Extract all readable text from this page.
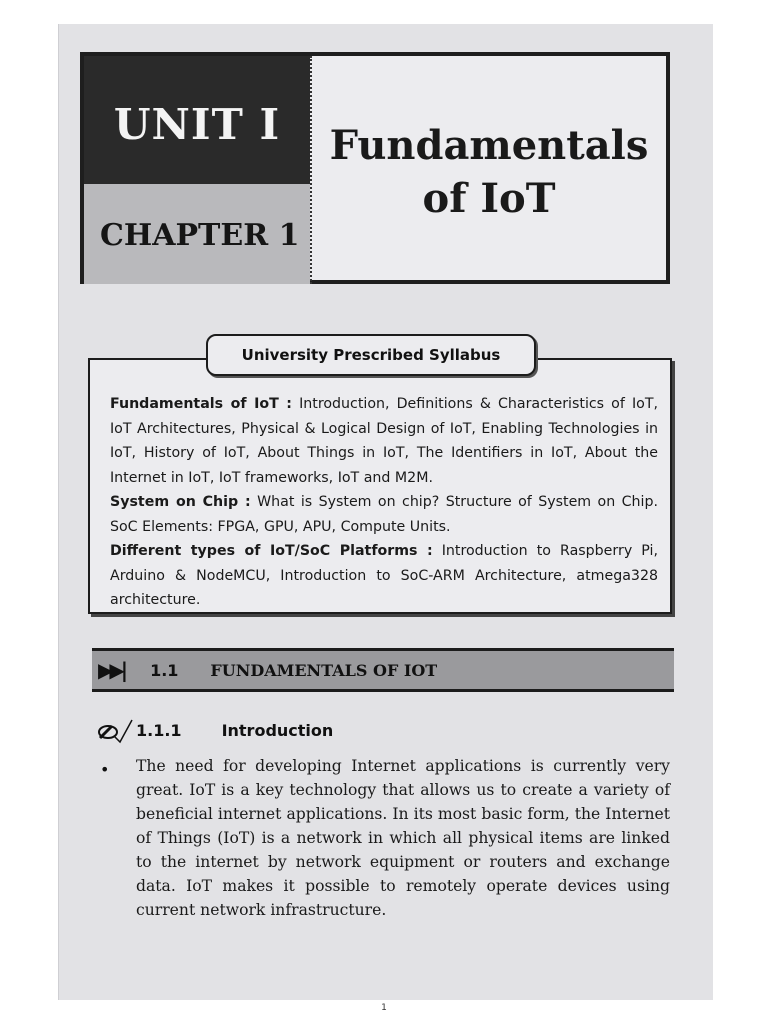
UNIT I
CHAPTER 1
Fundamentals
of IoT
University Prescribed Syllabus

Fundamentals of IoT : Introduction, Definitions & Characteristics of IoT, IoT Architectures, Physical & Logical Design of IoT, Enabling Technologies in IoT, History of IoT, About Things in IoT, The Identifiers in IoT, About the Internet in IoT, IoT frameworks, IoT and M2M.

System on Chip : What is System on chip? Structure of System on Chip. SoC Elements: FPGA, GPU, APU, Compute Units.

Different types of IoT/SoC Platforms : Introduction to Raspberry Pi, Arduino & NodeMCU, Introduction to SoC-ARM Architecture, atmega328 architecture.

▶▶| 1.1 FUNDAMENTALS OF IOT
1.1.1	Introduction
• The need for developing Internet applications is currently very great. IoT is a key technology that allows us to create a variety of beneficial internet applications. In its most basic form, the Internet of Things (IoT) is a network in which all physical items are linked to the internet by network equipment or routers and exchange data. IoT makes it possible to remotely operate devices using current network infrastructure.
1
